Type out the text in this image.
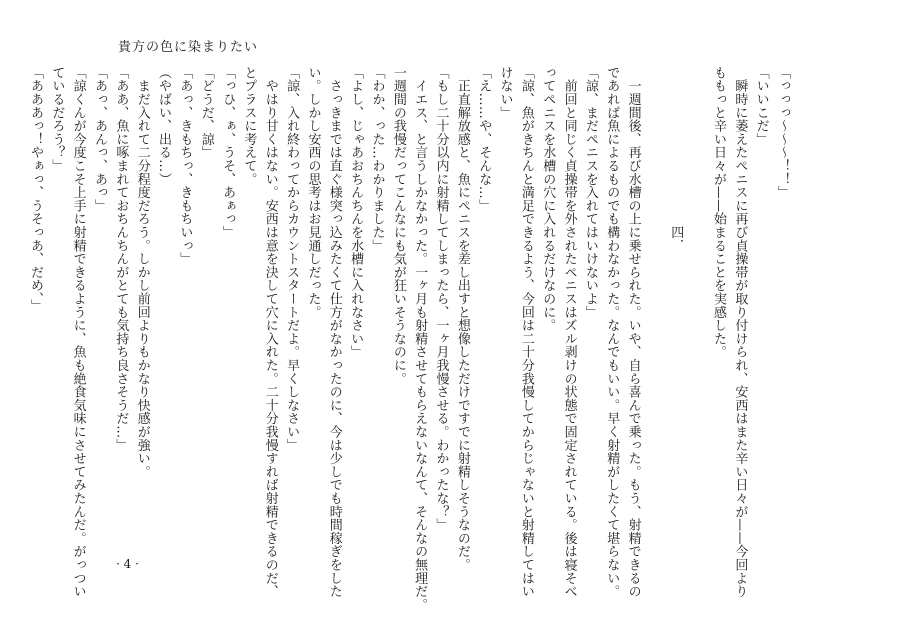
貴方の色に染まりたい
「っっっ〜〜〜！！」
「いいこだ」
　瞬時に萎えたペニスに再び貞操帯が取り付けられ、安西はまた辛い日々が——今回より
ももっと辛い日々が——始まることを実感した。

　　　　　　　　　　　　四．

　一週間後、再び水槽の上に乗せられた。いや、自ら喜んで乗った。もう、射精できるの
であれば魚によるものでも構わなかった。なんでもいい。早く射精がしたくて堪らない。
「諒、まだペニスを入れてはいけないよ」
　前回と同じく貞操帯を外されたペニスはズル剥けの状態で固定されている。後は寝そべ
ってペニスを水槽の穴に入れるだけなのに。
「諒、魚がきちんと満足できるよう、今回は二十分我慢してからじゃないと射精してはい
けない」
「え……や、そんな…」
　正直解放感と、魚にペニスを差し出すと想像しただけですでに射精しそうなのだ。
「もし二十分以内に射精してしまったら、一ヶ月我慢させる。わかったな？」
　イエス、と言うしかなかった。一ヶ月も射精させてもらえないなんて、そんなの無理だ。
一週間の我慢だってこんなにも気が狂いそうなのに。
「わか、った…わかりました」
「よし、じゃあおちんちんを水槽に入れなさい」
　さっきまでは直ぐ様突っ込みたくて仕方がなかったのに、今は少しでも時間稼ぎをした
い。しかし安西の思考はお見通しだった。
「諒、入れ終わってからカウントスタートだよ。早くしなさい」
　やはり甘くはない。安西は意を決して穴に入れた。二十分我慢すれば射精できるのだ、
とプラスに考えて。
「っひ、ぁ、うそ、あぁっ」
「どうだ、諒」
「あっ、きもちっ、きもちいっ」
（やばい、出る…）
　まだ入れて二分程度だろう。しかし前回よりもかなり快感が強い。
「ああ、魚に啄まれておちんちんがとても気持ち良さそうだ…」
「あっ、あんっ、あっ」
「諒くんが今度こそ上手に射精できるように、魚も絶食気味にさせてみたんだ。がっつい
ているだろう？」
「あああっ！やぁっ、うそっあ、だめ、」
· 4 ·
